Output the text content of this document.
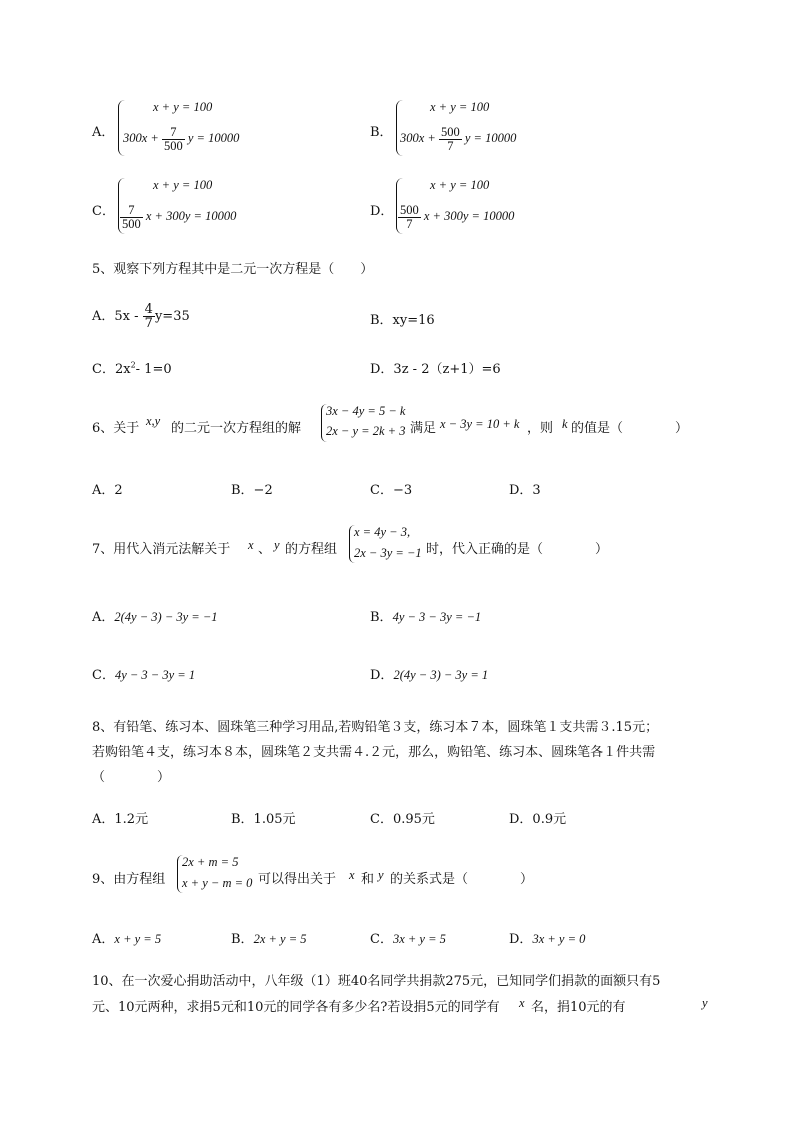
A．
x + y = 100
$300x + \frac{7}{500}$ y = 10000	B．
x + y = 100
$300x + \frac{500}{7}$ y = 10000
C．
x + y = 100
$\frac{7}{500}$ x + 300y = 10000	D．
x + y = 100
$\frac{500}{7}$ x + 300y = 10000
5、观察下列方程其中是二元一次方程是（　　）
A．$5x - \frac{4}{7} y=35$	B．xy=16
C．$2x^2-$ 1=0	D．3z - 2（z+1）=6
6、关于 x,y 的二元一次方程组的解
3x − 4y = 5 − k
2x − y = 2k + 3 满足 x − 3y = 10 + k ，则 k 的值是（　　　　）
A．2	B．−2	C．−3	D．3
7、用代入消元法解关于 x 、 y 的方程组
x = 4y − 3,
2x − 3y = −1 时，代入正确的是（　　　　）
A．2(4y − 3) − 3y = −1	B．4y − 3 − 3y = −1
C．4y − 3 − 3y = 1	D．2(4y − 3) − 3y = 1
8、有铅笔、练习本、圆珠笔三种学习用品,若购铅笔３支，练习本７本，圆珠笔１支共需３.15元；
若购铅笔４支，练习本８本，圆珠笔２支共需４.２元，那么，购铅笔、练习本、圆珠笔各１件共需
（　　　　）
A．1.2元	B．1.05元	C．0.95元	D．0.9元
9、由方程组
2x + m = 5
x + y − m = 0 可以得出关于 x 和 y 的关系式是（　　　　）
A．x + y = 5	B．2x + y = 5	C．3x + y = 5	D．3x + y = 0
10、在一次爱心捐助活动中，八年级（1）班40名同学共捐款275元，已知同学们捐款的面额只有5
元、10元两种，求捐5元和10元的同学各有多少名?若设捐5元的同学有 x 名，捐10元的有	y
